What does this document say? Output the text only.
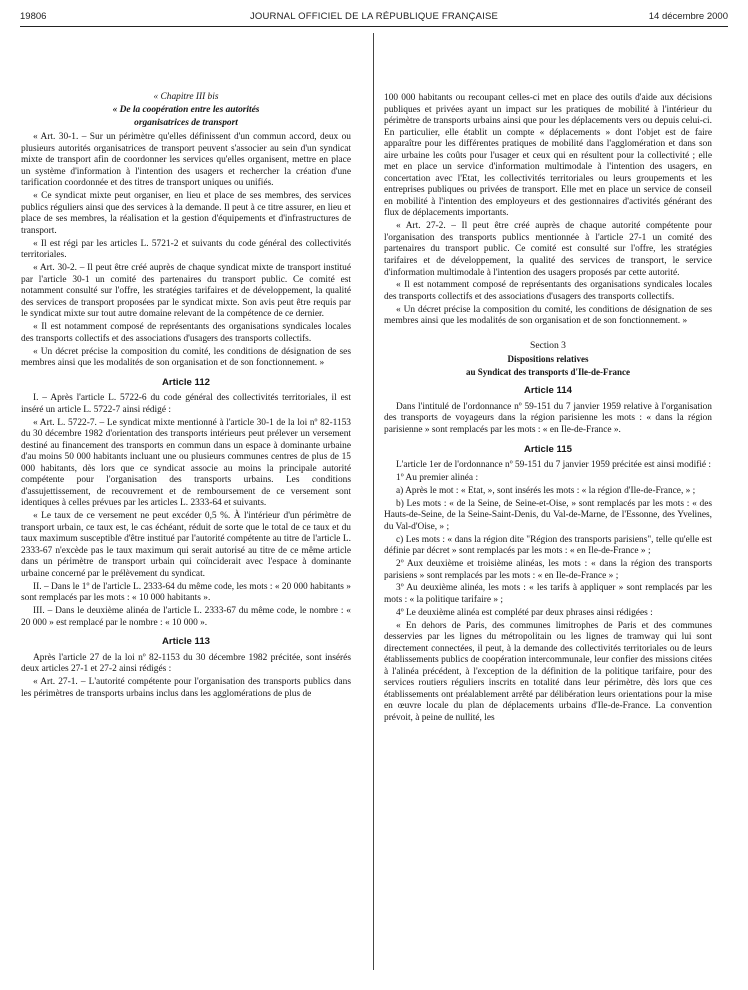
19806	JOURNAL OFFICIEL DE LA RÉPUBLIQUE FRANÇAISE	14 décembre 2000

« Chapitre III bis

« De la coopération entre les autorités

organisatrices de transport

« Art. 30-1. – Sur un périmètre qu'elles définissent d'un commun accord, deux ou plusieurs autorités organisatrices de transport peuvent s'associer au sein d'un syndicat mixte de transport afin de coordonner les services qu'elles organisent, mettre en place un système d'information à l'intention des usagers et rechercher la création d'une tarification coordonnée et des titres de transport uniques ou unifiés.

« Ce syndicat mixte peut organiser, en lieu et place de ses membres, des services publics réguliers ainsi que des services à la demande. Il peut à ce titre assurer, en lieu et place de ses membres, la réalisation et la gestion d'équipements et d'infrastructures de transport.

« Il est régi par les articles L. 5721-2 et suivants du code général des collectivités territoriales.

« Art. 30-2. – Il peut être créé auprès de chaque syndicat mixte de transport institué par l'article 30-1 un comité des partenaires du transport public. Ce comité est notamment consulté sur l'offre, les stratégies tarifaires et de développement, la qualité des services de transport proposées par le syndicat mixte. Son avis peut être requis par le syndicat mixte sur tout autre domaine relevant de la compétence de ce dernier.

« Il est notamment composé de représentants des organisations syndicales locales des transports collectifs et des associations d'usagers des transports collectifs.

« Un décret précise la composition du comité, les conditions de désignation de ses membres ainsi que les modalités de son organisation et de son fonctionnement. »

Article 112

I. – Après l'article L. 5722-6 du code général des collectivités territoriales, il est inséré un article L. 5722-7 ainsi rédigé :

« Art. L. 5722-7. – Le syndicat mixte mentionné à l'article 30-1 de la loi nº 82-1153 du 30 décembre 1982 d'orientation des transports intérieurs peut prélever un versement destiné au financement des transports en commun dans un espace à dominante urbaine d'au moins 50 000 habitants incluant une ou plusieurs communes centres de plus de 15 000 habitants, dès lors que ce syndicat associe au moins la principale autorité compétente pour l'organisation des transports urbains. Les conditions d'assujettissement, de recouvrement et de remboursement de ce versement sont identiques à celles prévues par les articles L. 2333-64 et suivants.

« Le taux de ce versement ne peut excéder 0,5 %. À l'intérieur d'un périmètre de transport urbain, ce taux est, le cas échéant, réduit de sorte que le total de ce taux et du taux maximum susceptible d'être institué par l'autorité compétente au titre de l'article L. 2333-67 n'excède pas le taux maximum qui serait autorisé au titre de ce même article dans un périmètre de transport urbain qui coïnciderait avec l'espace à dominante urbaine concerné par le prélèvement du syndicat.

II. – Dans le 1º de l'article L. 2333-64 du même code, les mots : « 20 000 habitants » sont remplacés par les mots : « 10 000 habitants ».

III. – Dans le deuxième alinéa de l'article L. 2333-67 du même code, le nombre : « 20 000 » est remplacé par le nombre : « 10 000 ».

Article 113

Après l'article 27 de la loi nº 82-1153 du 30 décembre 1982 précitée, sont insérés deux articles 27-1 et 27-2 ainsi rédigés :

« Art. 27-1. – L'autorité compétente pour l'organisation des transports publics dans les périmètres de transports urbains inclus dans les agglomérations de plus de

100 000 habitants ou recoupant celles-ci met en place des outils d'aide aux décisions publiques et privées ayant un impact sur les pratiques de mobilité à l'intérieur du périmètre de transports urbains ainsi que pour les déplacements vers ou depuis celui-ci. En particulier, elle établit un compte « déplacements » dont l'objet est de faire apparaître pour les différentes pratiques de mobilité dans l'agglomération et dans son aire urbaine les coûts pour l'usager et ceux qui en résultent pour la collectivité ; elle met en place un service d'information multimodale à l'intention des usagers, en concertation avec l'Etat, les collectivités territoriales ou leurs groupements et les entreprises publiques ou privées de transport. Elle met en place un service de conseil en mobilité à l'intention des employeurs et des gestionnaires d'activités générant des flux de déplacements importants.

« Art. 27-2. – Il peut être créé auprès de chaque autorité compétente pour l'organisation des transports publics mentionnée à l'article 27-1 un comité des partenaires du transport public. Ce comité est consulté sur l'offre, les stratégies tarifaires et de développement, la qualité des services de transport, le service d'information multimodale à l'intention des usagers proposés par cette autorité.

« Il est notamment composé de représentants des organisations syndicales locales des transports collectifs et des associations d'usagers des transports collectifs.

« Un décret précise la composition du comité, les conditions de désignation de ses membres ainsi que les modalités de son organisation et de son fonctionnement. »

Section 3

Dispositions relatives

au Syndicat des transports d'Ile-de-France

Article 114

Dans l'intitulé de l'ordonnance nº 59-151 du 7 janvier 1959 relative à l'organisation des transports de voyageurs dans la région parisienne les mots : « dans la région parisienne » sont remplacés par les mots : « en Ile-de-France ».

Article 115

L'article 1er de l'ordonnance nº 59-151 du 7 janvier 1959 précitée est ainsi modifié :

1º Au premier alinéa :

a) Après le mot : « Etat, », sont insérés les mots : « la région d'Ile-de-France, » ;

b) Les mots : « de la Seine, de Seine-et-Oise, » sont remplacés par les mots : « des Hauts-de-Seine, de la Seine-Saint-Denis, du Val-de-Marne, de l'Essonne, des Yvelines, du Val-d'Oise, » ;

c) Les mots : « dans la région dite "Région des transports parisiens", telle qu'elle est définie par décret » sont remplacés par les mots : « en Ile-de-France » ;

2º Aux deuxième et troisième alinéas, les mots : « dans la région des transports parisiens » sont remplacés par les mots : « en Ile-de-France » ;

3º Au deuxième alinéa, les mots : « les tarifs à appliquer » sont remplacés par les mots : « la politique tarifaire » ;

4º Le deuxième alinéa est complété par deux phrases ainsi rédigées :

« En dehors de Paris, des communes limitrophes de Paris et des communes desservies par les lignes du métropolitain ou les lignes de tramway qui lui sont directement connectées, il peut, à la demande des collectivités territoriales ou de leurs établissements publics de coopération intercommunale, leur confier des missions citées à l'alinéa précédent, à l'exception de la définition de la politique tarifaire, pour des services routiers réguliers inscrits en totalité dans leur périmètre, dès lors que ces établissements ont préalablement arrêté par délibération leurs orientations pour la mise en œuvre locale du plan de déplacements urbains d'Ile-de-France. La convention prévoit, à peine de nullité, les
